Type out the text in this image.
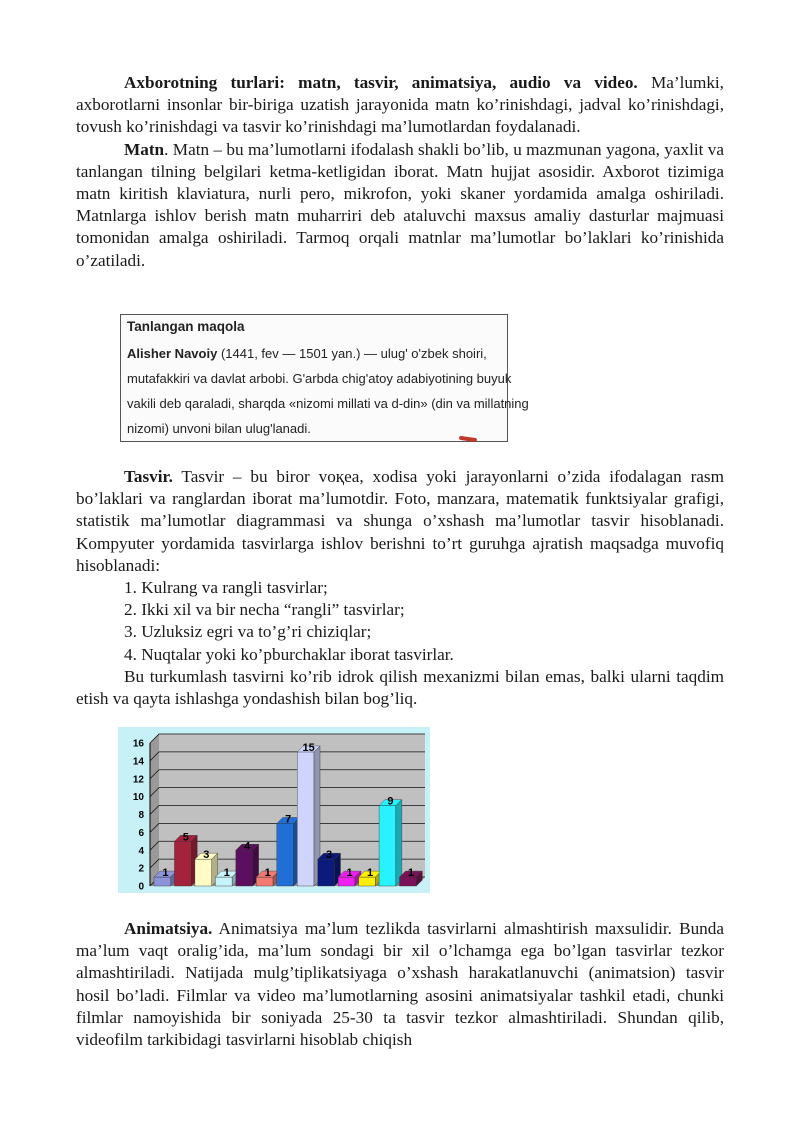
Axborotning turlari: matn, tasvir, animatsiya, audio va video. Ma’lumki, axborotlarni insonlar bir-biriga uzatish jarayonida matn ko’rinishdagi, jadval ko’rinishdagi, tovush ko’rinishdagi va tasvir ko’rinishdagi ma’lumotlardan foydalanadi.

Matn. Matn – bu ma’lumotlarni ifodalash shakli bo’lib, u mazmunan yagona, yaxlit va tanlangan tilning belgilari ketma-ketligidan iborat. Matn hujjat asosidir. Axborot tizimiga matn kiritish klaviatura, nurli pero, mikrofon, yoki skaner yordamida amalga oshiriladi. Matnlarga ishlov berish matn muharriri deb ataluvchi maxsus amaliy dasturlar majmuasi tomonidan amalga oshiriladi. Tarmoq orqali matnlar ma’lumotlar bo’laklari ko’rinishida o’zatiladi.

Tanlangan maqola

Alisher Navoiy (1441, fev — 1501 yan.) — ulug' o'zbek shoiri,

mutafakkiri va davlat arbobi. G'arbda chig'atoy adabiyotining buyuk

vakili deb qaraladi, sharqda «nizomi millati va d-din» (din va millatning

nizomi) unvoni bilan ulug'lanadi.

Tasvir. Tasvir – bu biror voқea, xodisa yoki jarayonlarni o’zida ifodalagan rasm bo’laklari va ranglardan iborat ma’lumotdir. Foto, manzara, matematik funktsiyalar grafigi, statistik ma’lumotlar diagrammasi va shunga o’xshash ma’lumotlar tasvir hisoblanadi. Kompyuter yordamida tasvirlarga ishlov berishni to’rt guruhga ajratish maqsadga muvofiq hisoblanadi:

1. Kulrang va rangli tasvirlar;
2. Ikki xil va bir necha “rangli” tasvirlar;
3. Uzluksiz egri va to’g’ri chiziqlar;
4. Nuqtalar yoki ko’pburchaklar iborat tasvirlar.

Bu turkumlash tasvirni ko’rib idrok qilish mexanizmi bilan emas, balki ularni taqdim etish va qayta ishlashga yondashish bilan bog’liq.

0
2
4
6
8
10
12
14
16
1
5
3
1
4
1
7
15
3
1 1
9
1

Animatsiya. Animatsiya ma’lum tezlikda tasvirlarni almashtirish maxsulidir. Bunda ma’lum vaqt oralig’ida, ma’lum sondagi bir xil o’lchamga ega bo’lgan tasvirlar tezkor almashtiriladi. Natijada mulg’tiplikatsiyaga o’xshash harakatlanuvchi (animatsion) tasvir hosil bo’ladi. Filmlar va video ma’lumotlarning asosini animatsiyalar tashkil etadi, chunki filmlar namoyishida bir soniyada 25-30 ta tasvir tezkor almashtiriladi. Shundan qilib, videofilm tarkibidagi tasvirlarni hisoblab chiqish
